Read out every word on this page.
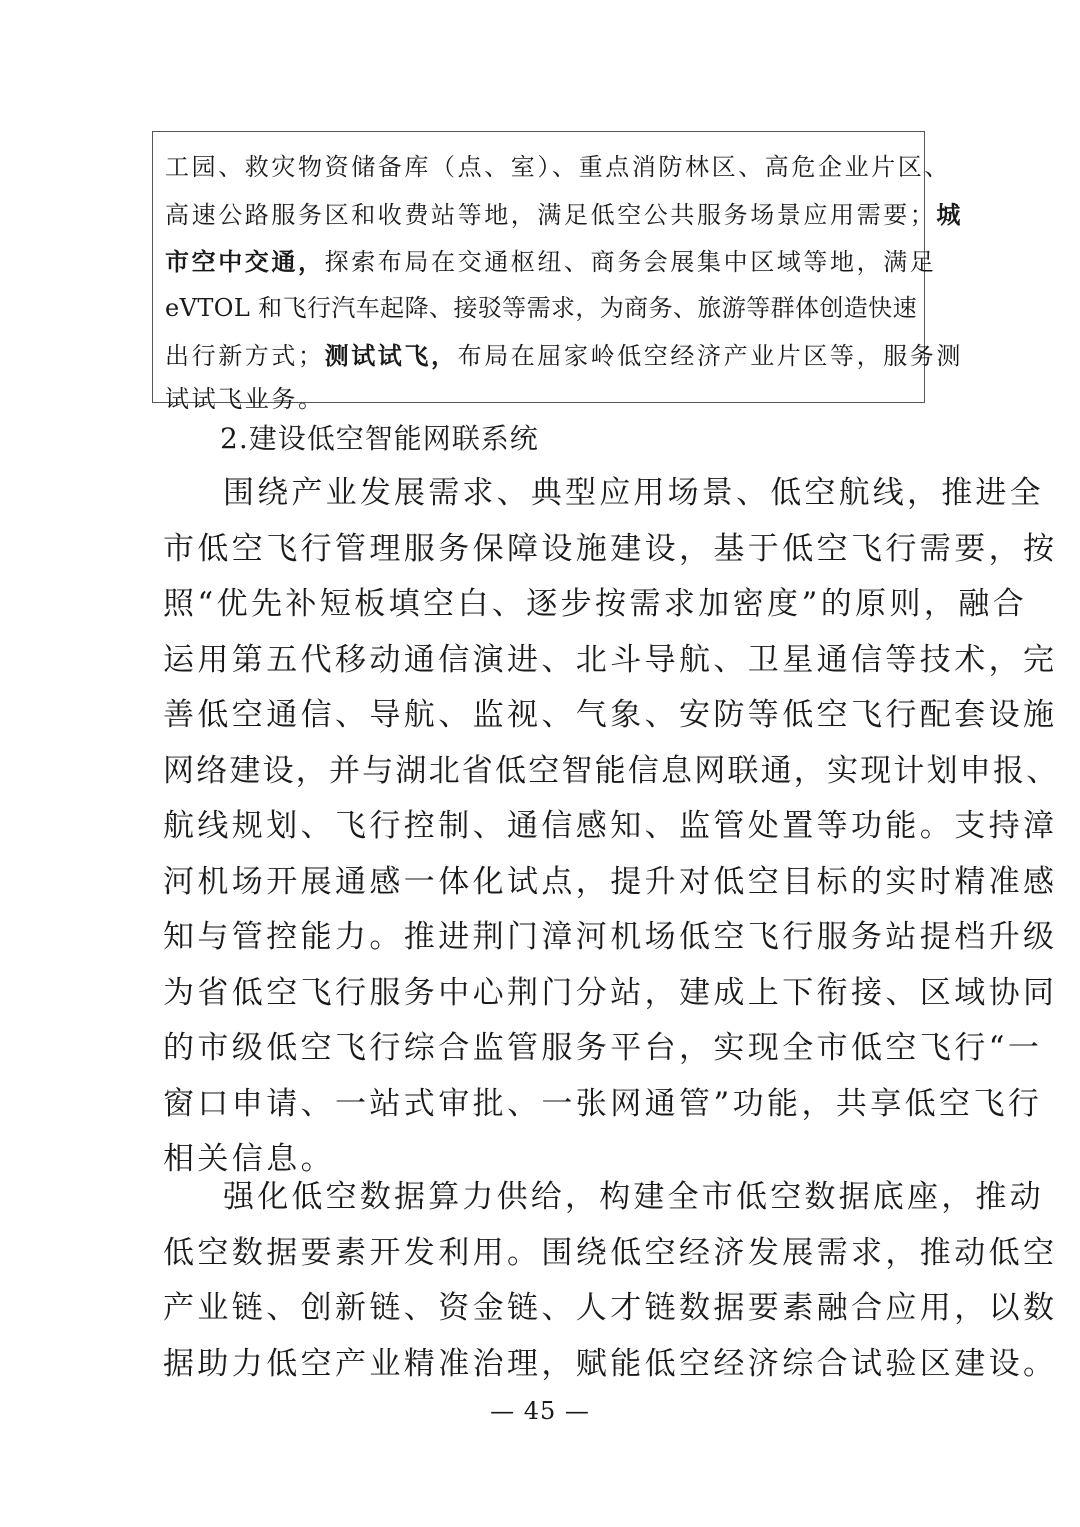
工园、救灾物资储备库（点、室）、重点消防林区、高危企业片区、
高速公路服务区和收费站等地，满足低空公共服务场景应用需要；城
市空中交通，探索布局在交通枢纽、商务会展集中区域等地，满足
eVTOL 和飞行汽车起降、接驳等需求，为商务、旅游等群体创造快速
出行新方式；测试试飞，布局在屈家岭低空经济产业片区等，服务测
试试飞业务。
2.建设低空智能网联系统
围绕产业发展需求、典型应用场景、低空航线，推进全
市低空飞行管理服务保障设施建设，基于低空飞行需要，按
照“优先补短板填空白、逐步按需求加密度”的原则，融合
运用第五代移动通信演进、北斗导航、卫星通信等技术，完
善低空通信、导航、监视、气象、安防等低空飞行配套设施
网络建设，并与湖北省低空智能信息网联通，实现计划申报、
航线规划、飞行控制、通信感知、监管处置等功能。支持漳
河机场开展通感一体化试点，提升对低空目标的实时精准感
知与管控能力。推进荆门漳河机场低空飞行服务站提档升级
为省低空飞行服务中心荆门分站，建成上下衔接、区域协同
的市级低空飞行综合监管服务平台，实现全市低空飞行“一
窗口申请、一站式审批、一张网通管”功能，共享低空飞行
相关信息。
强化低空数据算力供给，构建全市低空数据底座，推动
低空数据要素开发利用。围绕低空经济发展需求，推动低空
产业链、创新链、资金链、人才链数据要素融合应用，以数
据助力低空产业精准治理，赋能低空经济综合试验区建设。
— 45 —
